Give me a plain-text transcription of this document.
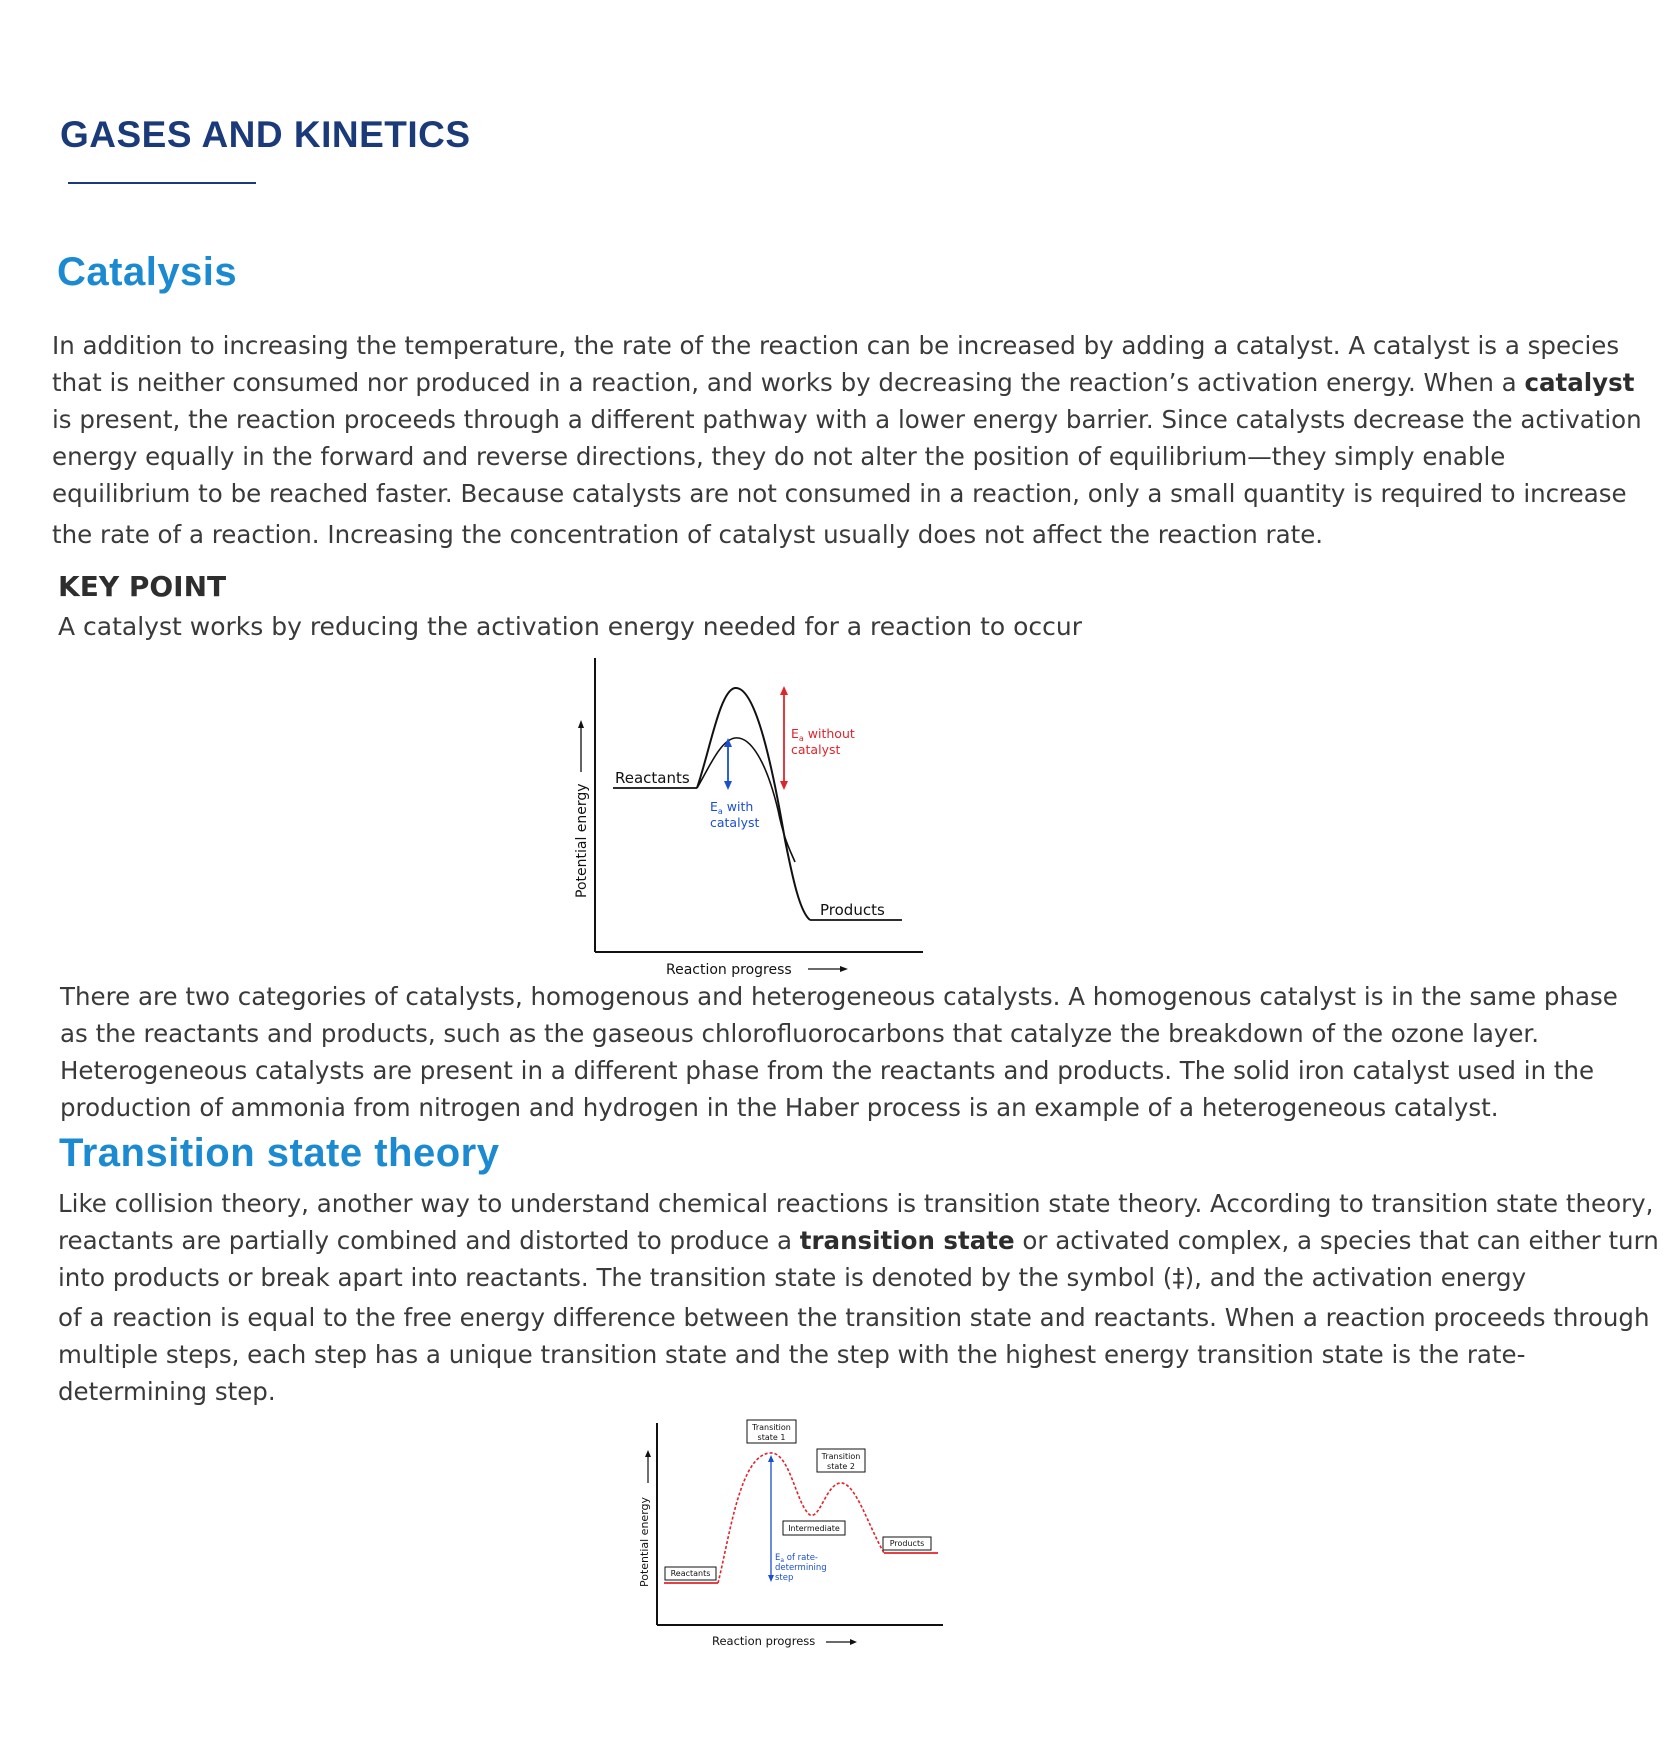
GASES AND KINETICS
Catalysis
In addition to increasing the temperature, the rate of the reaction can be increased by adding a catalyst. A catalyst is a species
that is neither consumed nor produced in a reaction, and works by decreasing the reaction’s activation energy. When a catalyst
is present, the reaction proceeds through a different pathway with a lower energy barrier. Since catalysts decrease the activation
energy equally in the forward and reverse directions, they do not alter the position of equilibrium—they simply enable
equilibrium to be reached faster. Because catalysts are not consumed in a reaction, only a small quantity is required to increase
the rate of a reaction. Increasing the concentration of catalyst usually does not affect the reaction rate.
KEY POINT
A catalyst works by reducing the activation energy needed for a reaction to occur
Potential energy
Reaction progress
Reactants
Products
$E_a$ without
catalyst
$E_a$ with
catalyst
There are two categories of catalysts, homogenous and heterogeneous catalysts. A homogenous catalyst is in the same phase
as the reactants and products, such as the gaseous chlorofluorocarbons that catalyze the breakdown of the ozone layer.
Heterogeneous catalysts are present in a different phase from the reactants and products. The solid iron catalyst used in the
production of ammonia from nitrogen and hydrogen in the Haber process is an example of a heterogeneous catalyst.
Transition state theory
Like collision theory, another way to understand chemical reactions is transition state theory. According to transition state theory,
reactants are partially combined and distorted to produce a transition state or activated complex, a species that can either turn
into products or break apart into reactants. The transition state is denoted by the symbol (‡), and the activation energy
of a reaction is equal to the free energy difference between the transition state and reactants. When a reaction proceeds through
multiple steps, each step has a unique transition state and the step with the highest energy transition state is the rate-determining step.
Potential energy
Reaction progress
$E_a$ of rate-
determining
step
Transition
state 1
Transition
state 2
Intermediate
Products
Reactants
